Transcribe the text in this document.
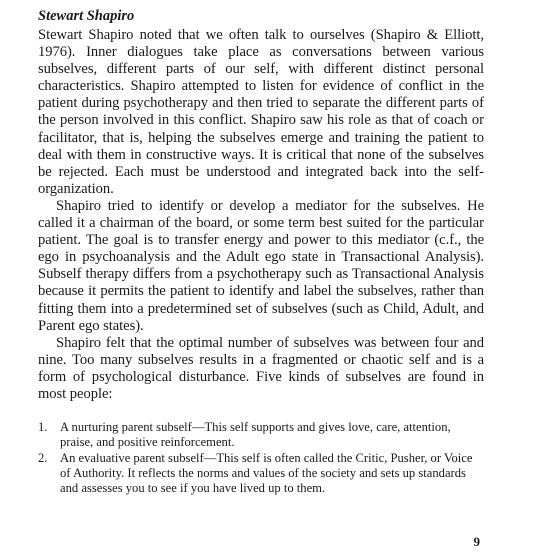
Stewart Shapiro

Stewart Shapiro noted that we often talk to ourselves (Shapiro & Elliott, 1976). Inner dialogues take place as conversations between various subselves, different parts of our self, with different distinct personal characteristics. Shapiro attempted to listen for evidence of conflict in the patient during psychotherapy and then tried to separate the different parts of the person involved in this conflict. Shapiro saw his role as that of coach or facilitator, that is, helping the subselves emerge and training the patient to deal with them in constructive ways. It is critical that none of the subselves be rejected. Each must be understood and integrated back into the self-organization.

Shapiro tried to identify or develop a mediator for the subselves. He called it a chairman of the board, or some term best suited for the particular patient. The goal is to transfer energy and power to this mediator (c.f., the ego in psychoanalysis and the Adult ego state in Transactional Analysis). Subself therapy differs from a psychotherapy such as Transactional Analysis because it permits the patient to identify and label the subselves, rather than fitting them into a predetermined set of subselves (such as Child, Adult, and Parent ego states).

Shapiro felt that the optimal number of subselves was between four and nine. Too many subselves results in a fragmented or chaotic self and is a form of psychological disturbance. Five kinds of subselves are found in most people:

1. A nurturing parent subself—This self supports and gives love, care, attention, praise, and positive reinforcement.
2. An evaluative parent subself—This self is often called the Critic, Pusher, or Voice of Authority. It reflects the norms and values of the society and sets up standards and assesses you to see if you have lived up to them.
9
